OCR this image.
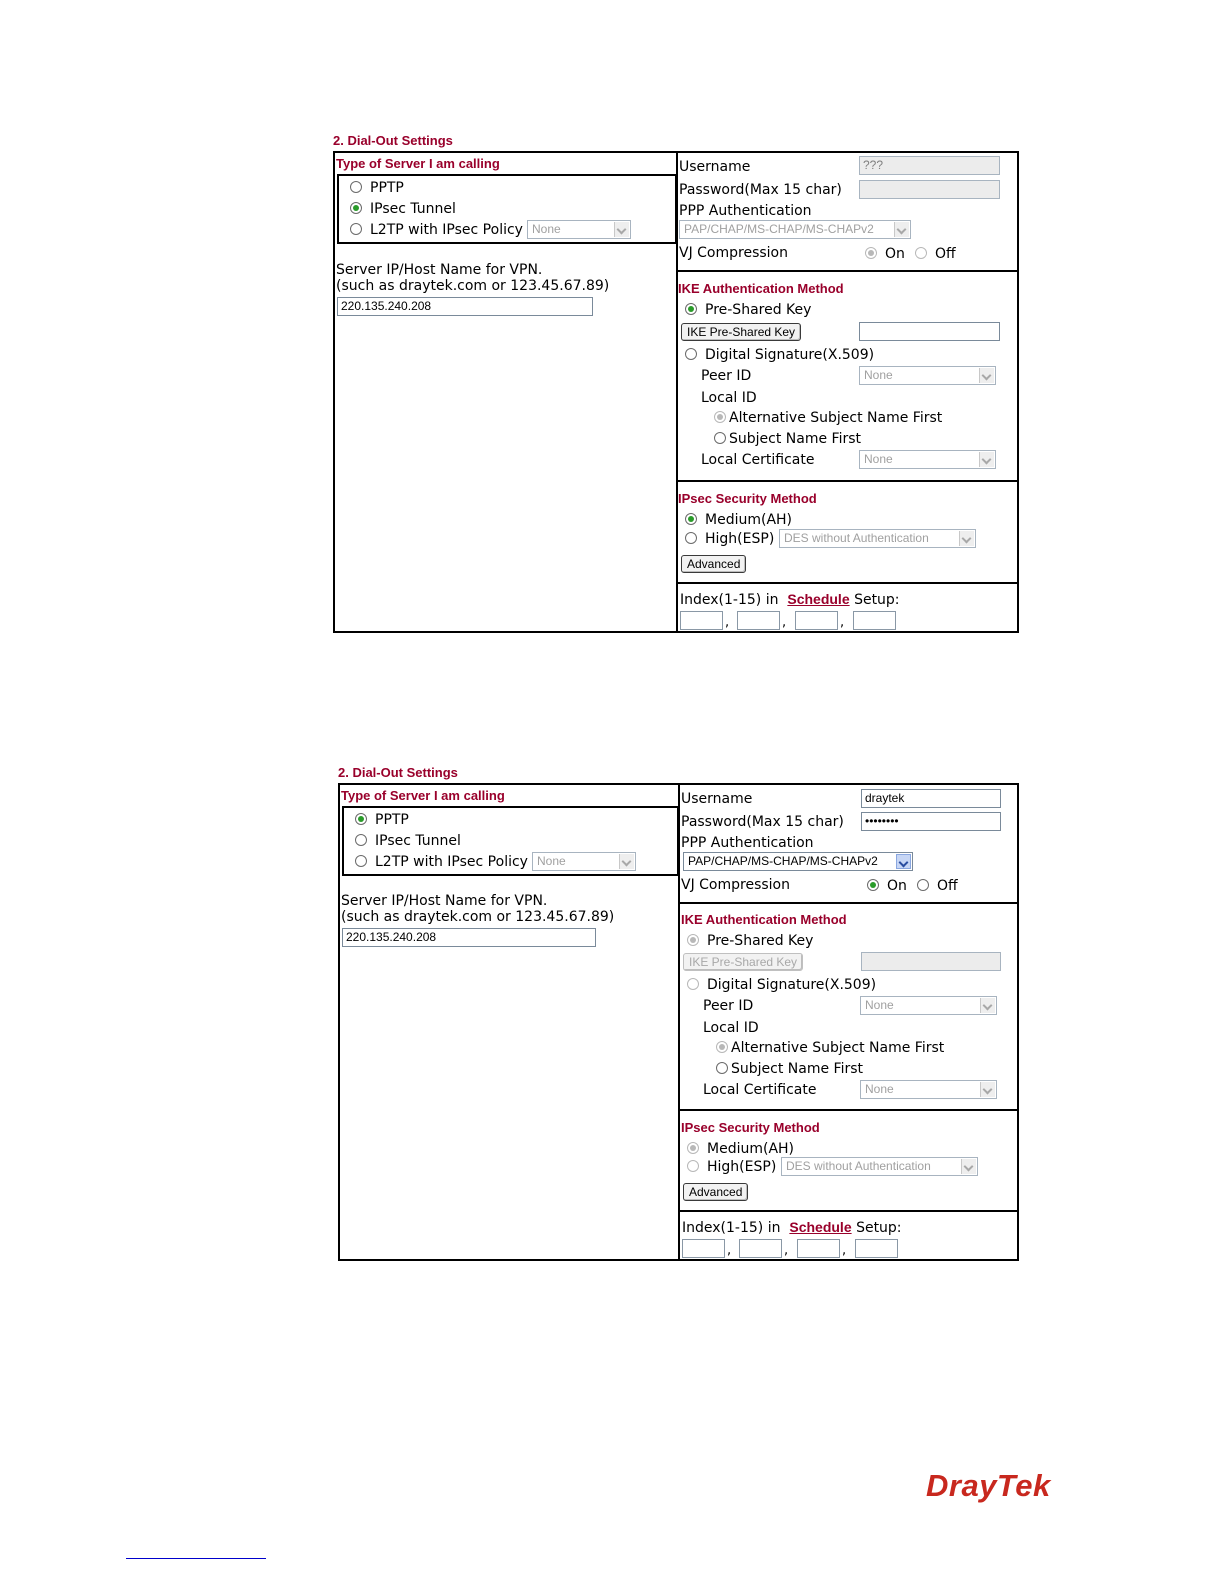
2. Dial-Out Settings
Type of Server I am calling
PPTP
IPsec Tunnel
L2TP with IPsec Policy None
Server IP/Host Name for VPN.
(such as draytek.com or 123.45.67.89)
220.135.240.208
Username	???
Password(Max 15 char)
PPP Authentication
PAP/CHAP/MS-CHAP/MS-CHAPv2
VJ Compression	On Off
IKE Authentication Method
Pre-Shared Key
IKE Pre-Shared Key
Digital Signature(X.509)
Peer ID	None
Local ID
Alternative Subject Name First
Subject Name First
Local Certificate	None
IPsec Security Method
Medium(AH)
High(ESP) DES without Authentication
Advanced
Index(1-15) in Schedule Setup:
,	,	,
2. Dial-Out Settings
Type of Server I am calling
PPTP
IPsec Tunnel
L2TP with IPsec Policy None
Server IP/Host Name for VPN.
(such as draytek.com or 123.45.67.89)
220.135.240.208
Username	draytek
Password(Max 15 char)	••••••••
PPP Authentication
PAP/CHAP/MS-CHAP/MS-CHAPv2
VJ Compression	On Off
IKE Authentication Method
Pre-Shared Key
IKE Pre-Shared Key
Digital Signature(X.509)
Peer ID	None
Local ID
Alternative Subject Name First
Subject Name First
Local Certificate	None
IPsec Security Method
Medium(AH)
High(ESP) DES without Authentication
Advanced
Index(1-15) in Schedule Setup:
,	,	,
DrayTek
